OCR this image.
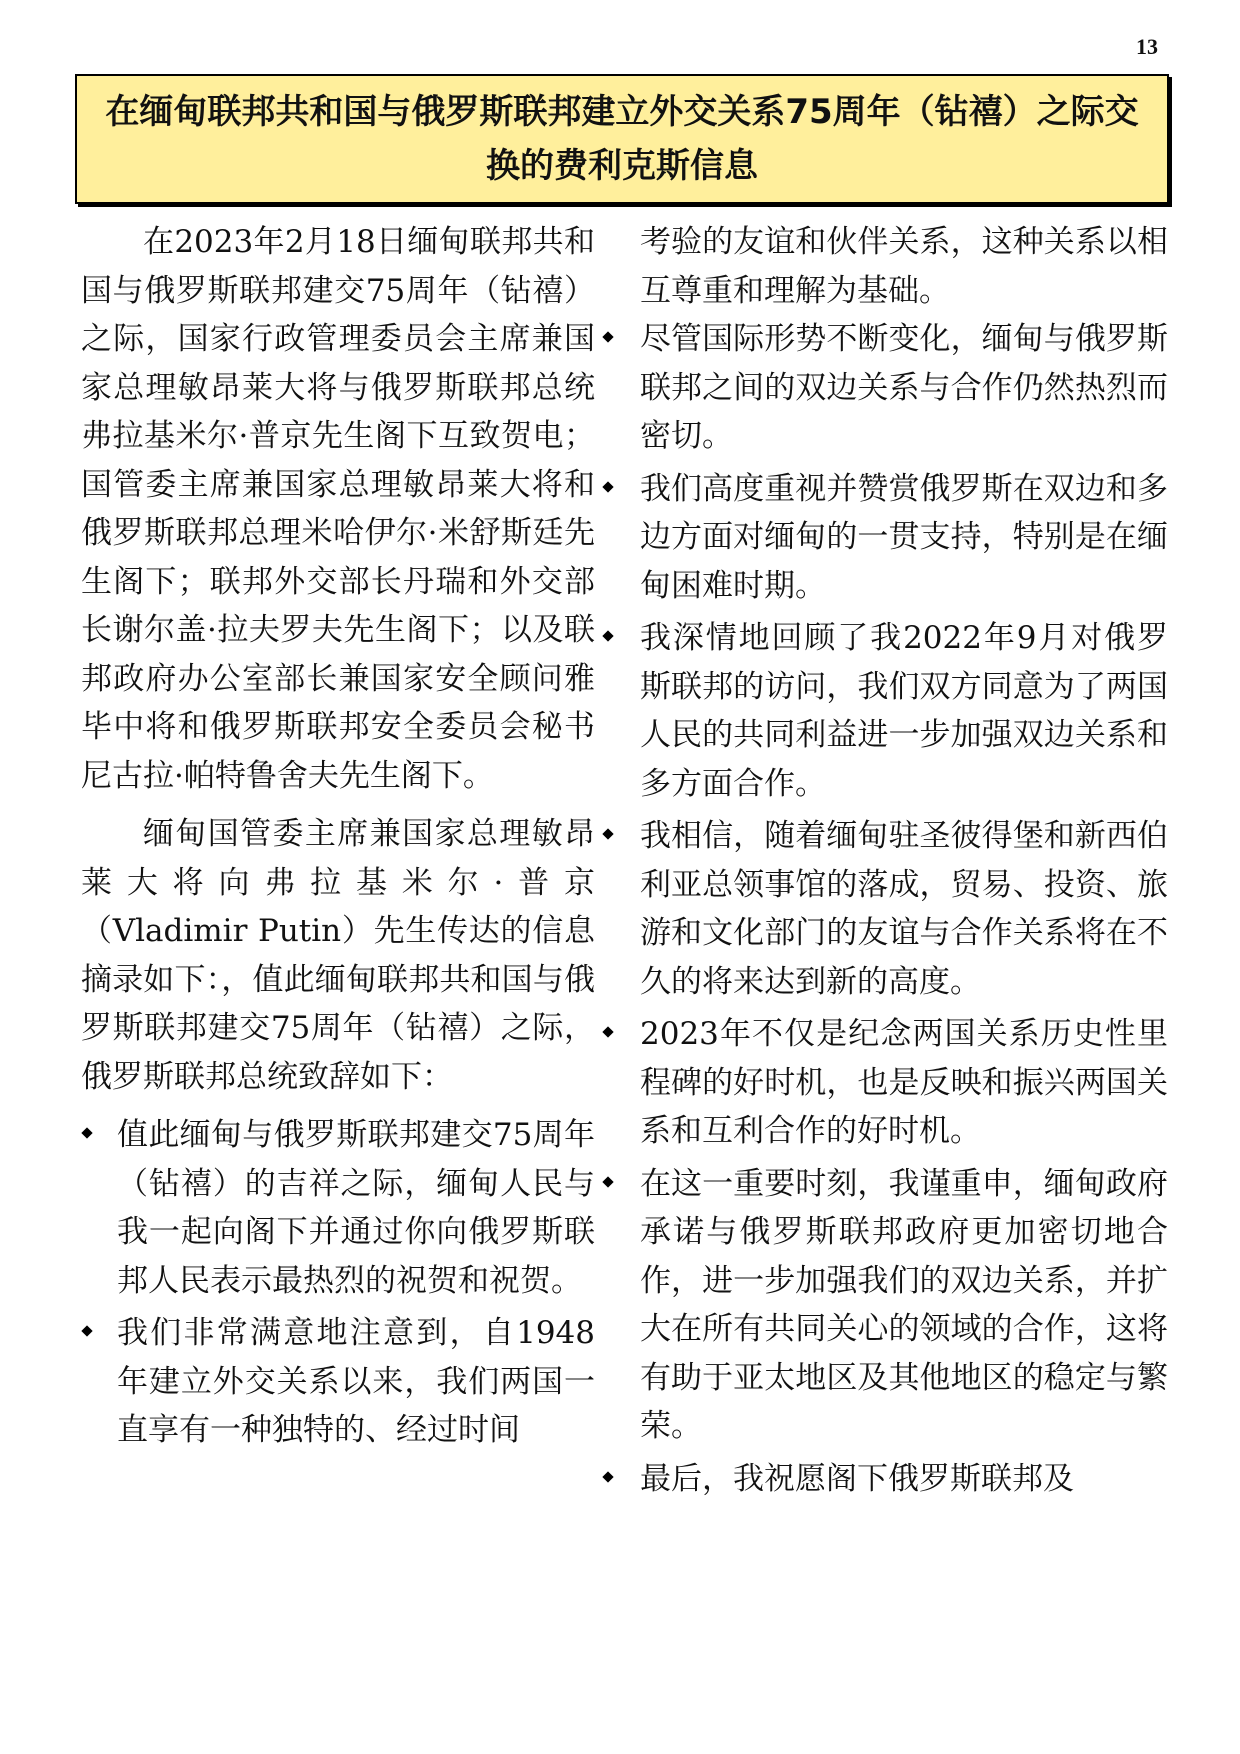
13
在缅甸联邦共和国与俄罗斯联邦建立外交关系75周年（钻禧）之际交换的费利克斯信息

在2023年2月18日缅甸联邦共和国与俄罗斯联邦建交75周年（钻禧）之际，国家行政管理委员会主席兼国家总理敏昂莱大将与俄罗斯联邦总统弗拉基米尔·普京先生阁下互致贺电；国管委主席兼国家总理敏昂莱大将和俄罗斯联邦总理米哈伊尔·米舒斯廷先生阁下；联邦外交部长丹瑞和外交部长谢尔盖·拉夫罗夫先生阁下；以及联邦政府办公室部长兼国家安全顾问雅毕中将和俄罗斯联邦安全委员会秘书尼古拉·帕特鲁舍夫先生阁下。

缅甸国管委主席兼国家总理敏昂莱大将向弗拉基米尔·普京（Vladimir Putin）先生传达的信息摘录如下：，值此缅甸联邦共和国与俄罗斯联邦建交75周年（钻禧）之际，俄罗斯联邦总统致辞如下：

值此缅甸与俄罗斯联邦建交75周年（钻禧）的吉祥之际，缅甸人民与我一起向阁下并通过你向俄罗斯联邦人民表示最热烈的祝贺和祝贺。
我们非常满意地注意到，自1948年建立外交关系以来，我们两国一直享有一种独特的、经过时间

考验的友谊和伙伴关系，这种关系以相互尊重和理解为基础。

尽管国际形势不断变化，缅甸与俄罗斯联邦之间的双边关系与合作仍然热烈而密切。
我们高度重视并赞赏俄罗斯在双边和多边方面对缅甸的一贯支持，特别是在缅甸困难时期。
我深情地回顾了我2022年9月对俄罗斯联邦的访问，我们双方同意为了两国人民的共同利益进一步加强双边关系和多方面合作。
我相信，随着缅甸驻圣彼得堡和新西伯利亚总领事馆的落成，贸易、投资、旅游和文化部门的友谊与合作关系将在不久的将来达到新的高度。
2023年不仅是纪念两国关系历史性里程碑的好时机，也是反映和振兴两国关系和互利合作的好时机。
在这一重要时刻，我谨重申，缅甸政府承诺与俄罗斯联邦政府更加密切地合作，进一步加强我们的双边关系，并扩大在所有共同关心的领域的合作，这将有助于亚太地区及其他地区的稳定与繁荣。
最后，我祝愿阁下俄罗斯联邦及
